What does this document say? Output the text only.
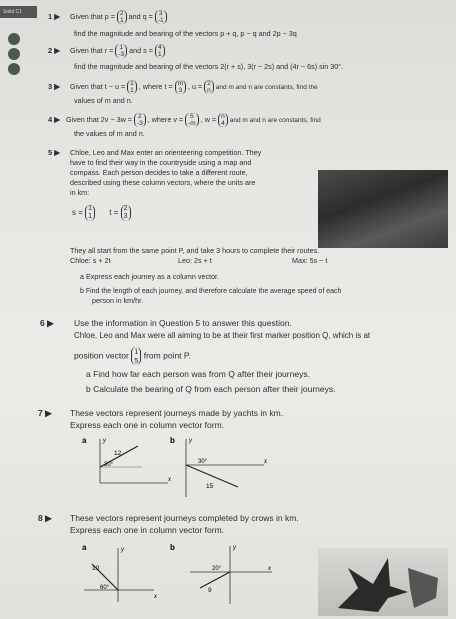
Solid C1	1 ▶ Given that p = 2
1 and q = 3
-1
find the magnitude and bearing of the vectors p + q, p − q and 2p − 3q
2 ▶ Given that r = 1
-3 and s = 4
1
find the magnitude and bearing of the vectors 2(r + s), 3(r − 2s) and (4r − 6s) sin 30°.
3 ▶ Given that t − u = 1
1 , where t = m
3 , u = 2
n and m and n are constants, find the
values of m and n.
4 ▶ Given that 2v − 3w = 2
-3 , where v = 5
-m , w = n
4 and m and n are constants, find
the values of m and n.
5 ▶	Chloe, Leo and Max enter an orienteering competition. They
have to find their way in the countryside using a map and
compass. Each person decides to take a different route,
described using these column vectors, where the units are
in km:
s = 1
1 t = 2
3
They all start from the same point P, and take 3 hours to complete their routes.
Chloe: s + 2t	Leo: 2s + t	Max: 5s − t
a Express each journey as a column vector.
b Find the length of each journey, and therefore calculate the average speed of each
person in km/hr.
6 ▶ Use the information in Question 5 to answer this question.
Chloe, Leo and Max were all aiming to be at their first marker position Q, which is at
position vector 1
5
from point P.
a Find how far each person was from Q after their journeys.
b Calculate the bearing of Q from each person after their journeys.
7 ▶ These vectors represent journeys made by yachts in km.
Express each one in column vector form.
a	y
x
12
30°
b y
x
15
30°
8 ▶ These vectors represent journeys completed by crows in km.
Express each one in column vector form.
a	y
x
10
60°
b	y
x
9
20°
